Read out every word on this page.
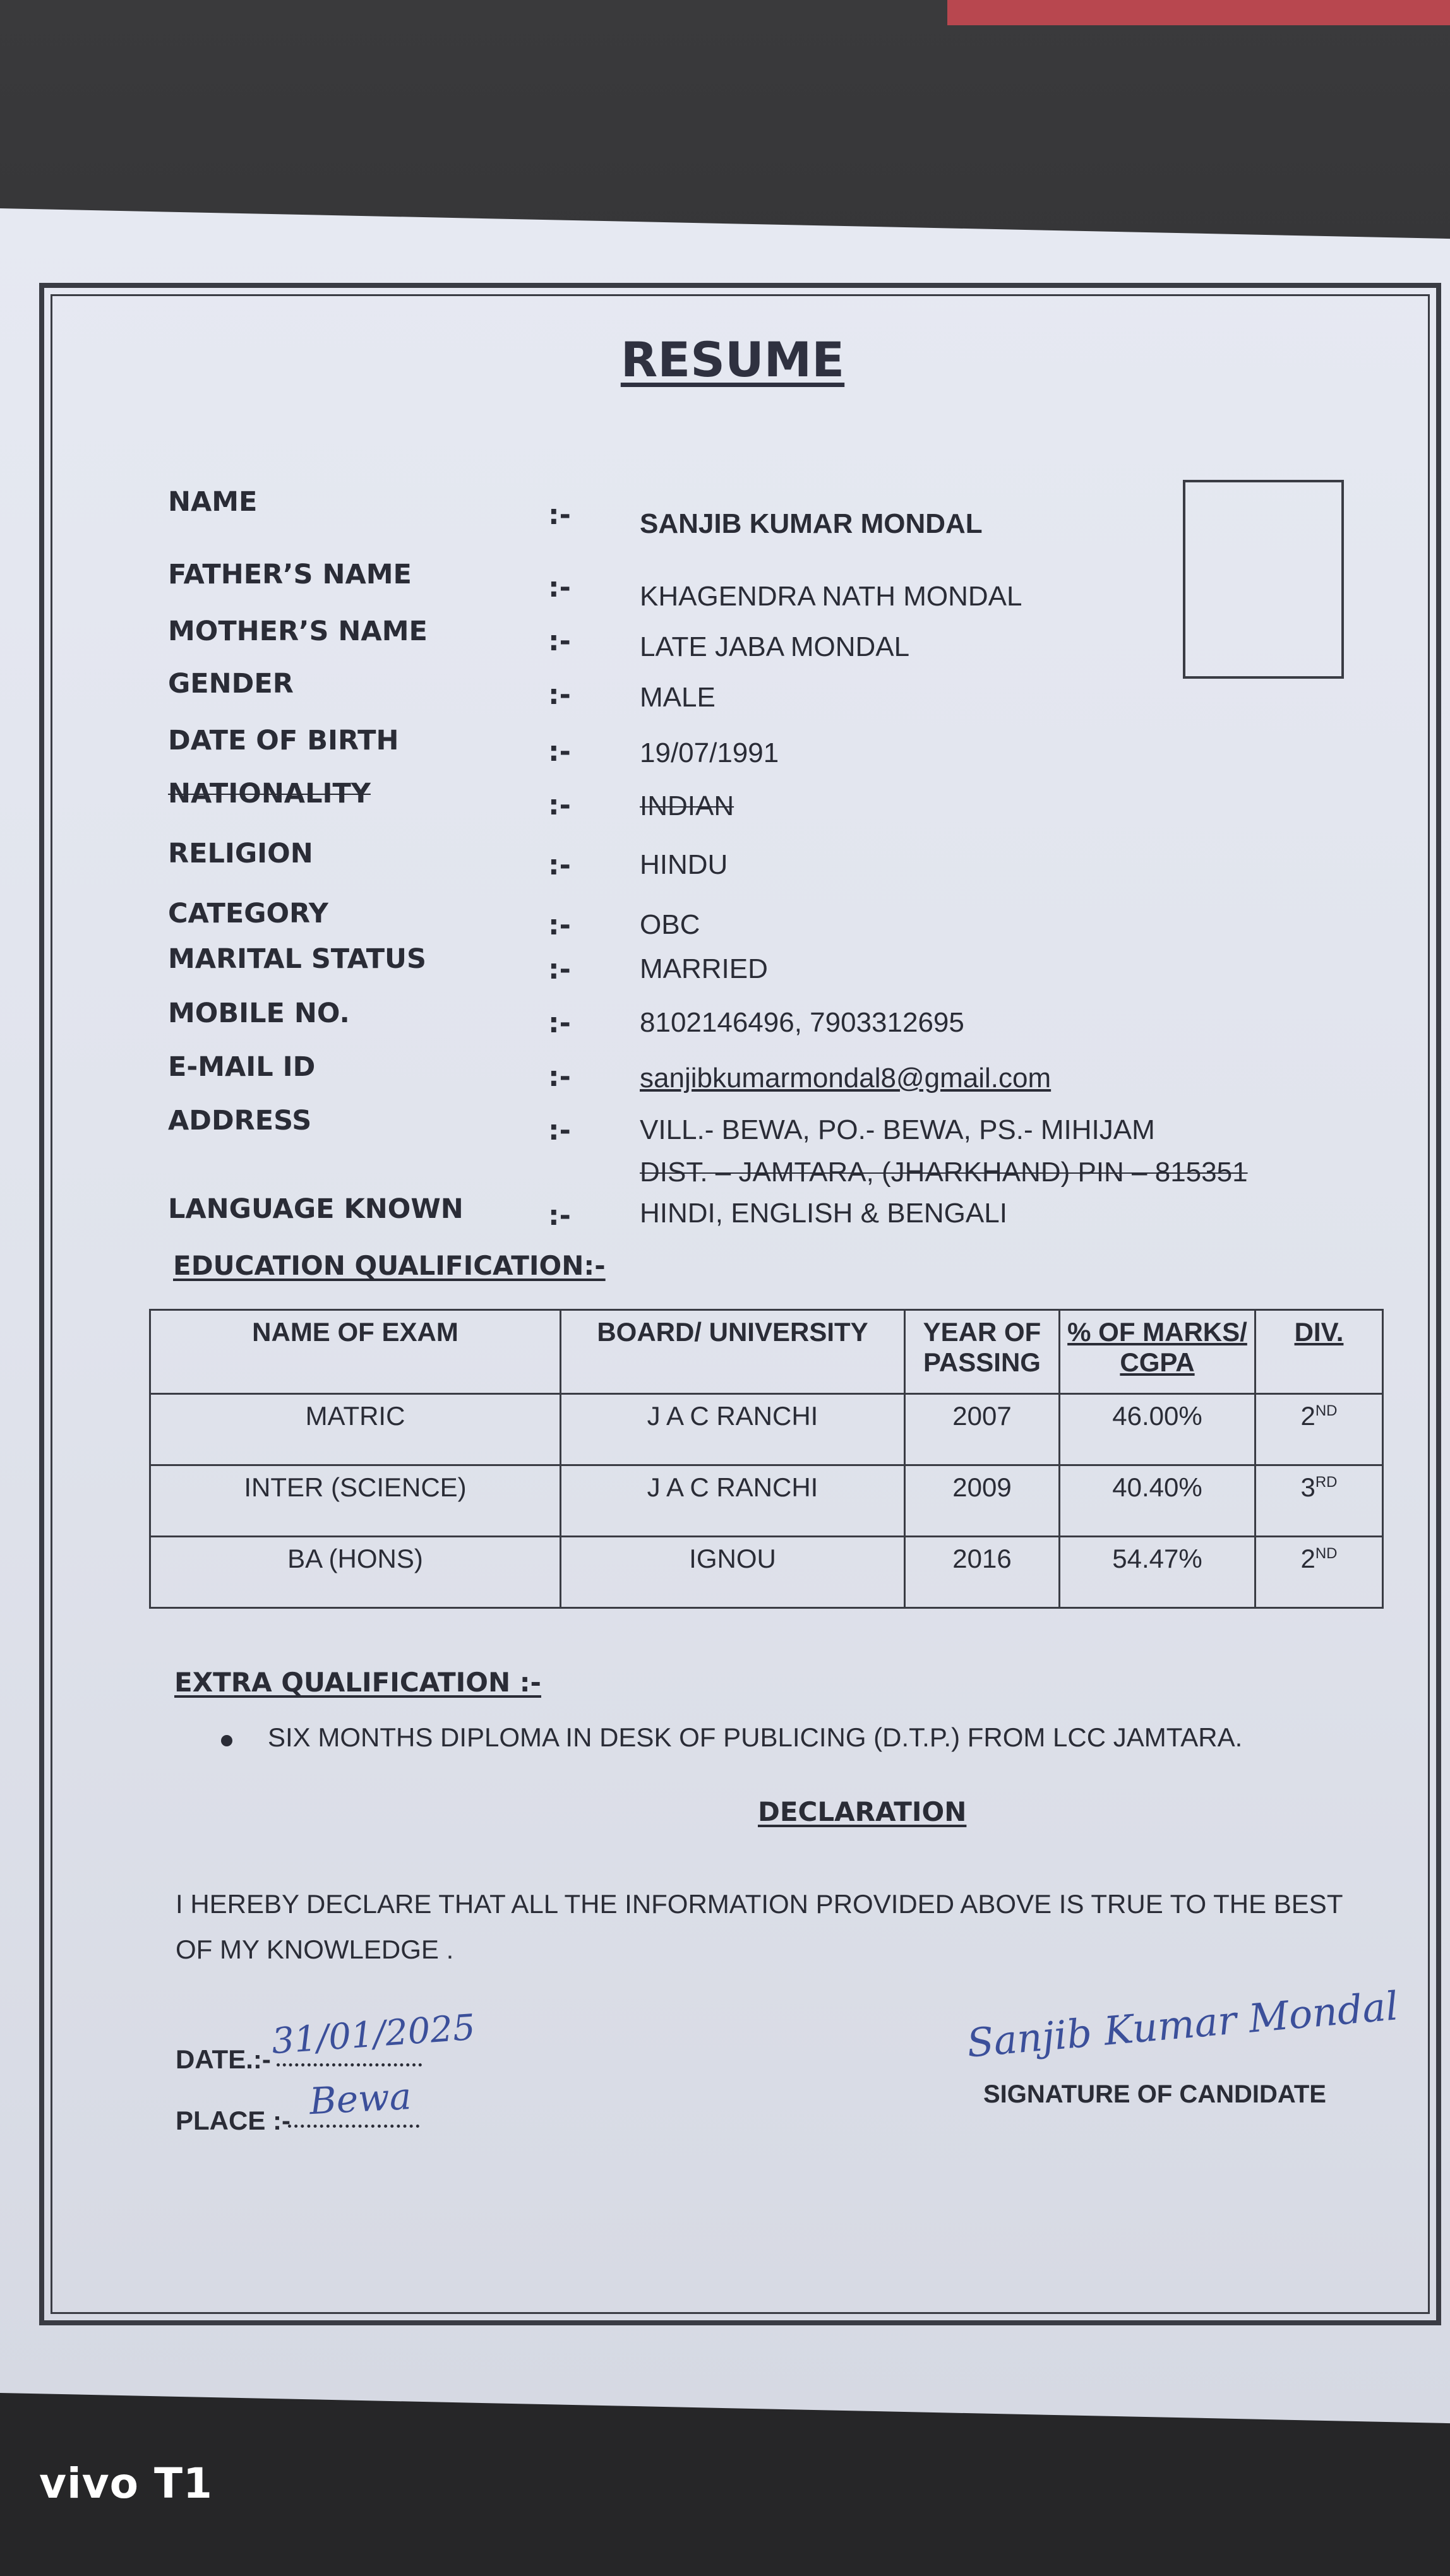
RESUME
NAME	:- SANJIB KUMAR MONDAL
FATHER’S NAME	:- KHAGENDRA NATH MONDAL
MOTHER’S NAME	:- LATE JABA MONDAL
GENDER	:- MALE
DATE OF BIRTH	:- 19/07/1991
NATIONALITY	:- INDIAN
RELIGION	:- HINDU
CATEGORY	:- OBC
MARITAL STATUS	:- MARRIED
MOBILE NO.	:- 8102146496, 7903312695
E-MAIL ID	:- sanjibkumarmondal8@gmail.com
ADDRESS	:- VILL.- BEWA, PO.- BEWA, PS.- MIHIJAM
DIST. – JAMTARA, (JHARKHAND) PIN – 815351
LANGUAGE KNOWN	:- HINDI, ENGLISH & BENGALI
EDUCATION QUALIFICATION:-
NAME OF EXAM	BOARD/ UNIVERSITY	YEAR OF PASSING	% OF MARKS/ CGPA	DIV.
MATRIC	J A C RANCHI	2007	46.00%	2ND
INTER (SCIENCE)	J A C RANCHI	2009	40.40%	3RD
BA (HONS)	IGNOU	2016	54.47%	2ND
EXTRA QUALIFICATION :-
SIX MONTHS DIPLOMA IN DESK OF PUBLICING (D.T.P.) FROM LCC JAMTARA.
DECLARATION
I HEREBY DECLARE THAT ALL THE INFORMATION PROVIDED ABOVE IS TRUE TO THE BEST OF MY KNOWLEDGE .
DATE.:- 31/01/2025
PLACE :- Bewa
Sanjib Kumar Mondal
SIGNATURE OF CANDIDATE
vivo T1
